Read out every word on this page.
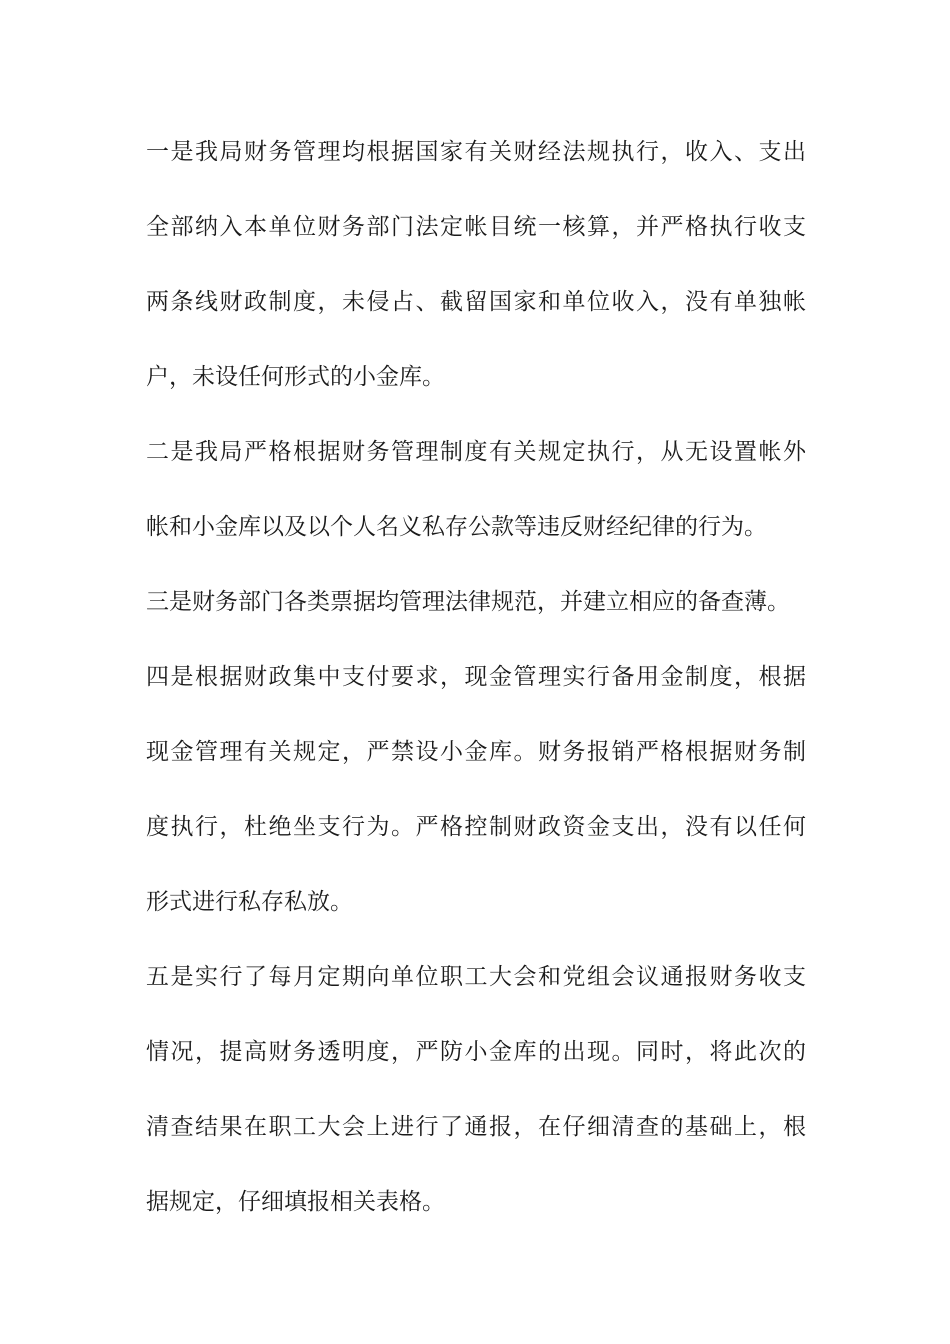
一是我局财务管理均根据国家有关财经法规执行，收入、支出
全部纳入本单位财务部门法定帐目统一核算，并严格执行收支
两条线财政制度，未侵占、截留国家和单位收入，没有单独帐
户，未设任何形式的小金库。
二是我局严格根据财务管理制度有关规定执行，从无设置帐外
帐和小金库以及以个人名义私存公款等违反财经纪律的行为。
三是财务部门各类票据均管理法律规范，并建立相应的备查薄。
四是根据财政集中支付要求，现金管理实行备用金制度，根据
现金管理有关规定，严禁设小金库。财务报销严格根据财务制
度执行，杜绝坐支行为。严格控制财政资金支出，没有以任何
形式进行私存私放。
五是实行了每月定期向单位职工大会和党组会议通报财务收支
情况，提高财务透明度，严防小金库的出现。同时，将此次的
清查结果在职工大会上进行了通报，在仔细清查的基础上，根
据规定，仔细填报相关表格。
